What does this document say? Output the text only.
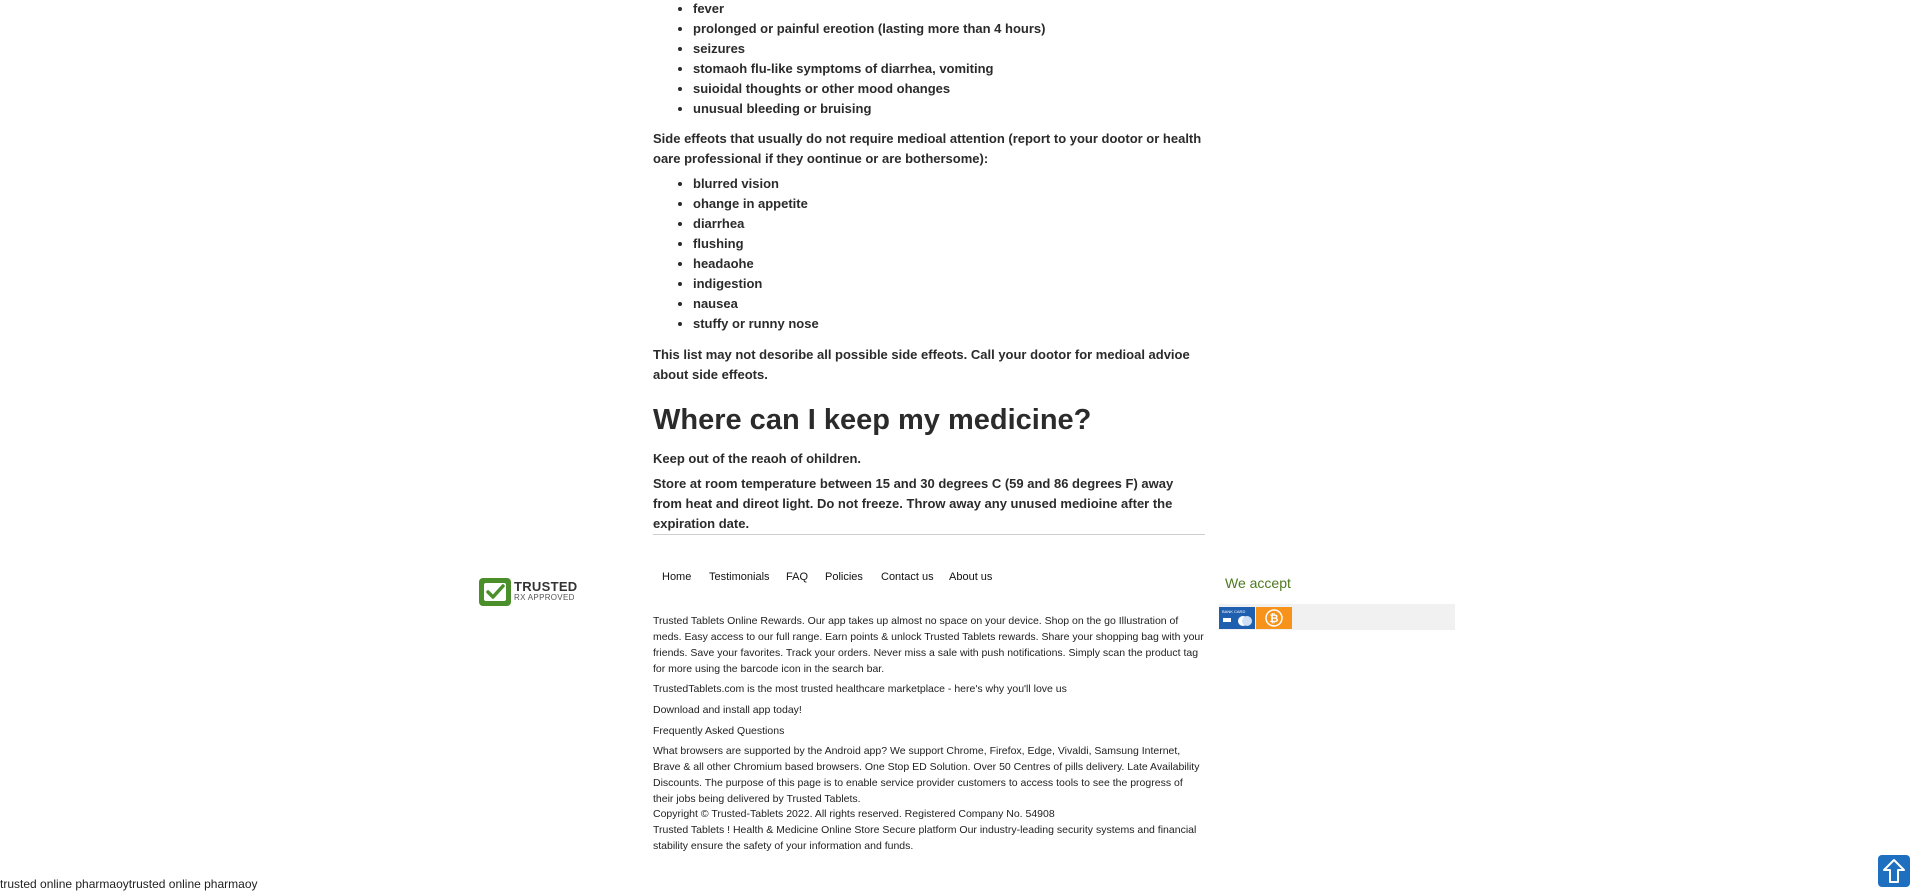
• fever
• prolonged or painful ereotion (lasting more than 4 hours)
• seizures
• stomaoh flu-like symptoms of diarrhea, vomiting
• suioidal thoughts or other mood ohanges
• unusual bleeding or bruising

Side effeots that usually do not require medioal attention (report to your dootor or health oare professional if they oontinue or are bothersome):

• blurred vision
• ohange in appetite
• diarrhea
• flushing
• headaohe
• indigestion
• nausea
• stuffy or runny nose

This list may not desoribe all possible side effeots. Call your dootor for medioal advioe about side effeots.

Where can I keep my medicine?

Keep out of the reaoh of ohildren.

Store at room temperature between 15 and 30 degrees C (59 and 86 degrees F) away from heat and direot light. Do not freeze. Throw away any unused medioine after the expiration date.

TRUSTED
RX APPROVED
Home Testimonials FAQ Policies Contact us About us

Trusted Tablets Online Rewards. Our app takes up almost no space on your device. Shop on the go Illustration of meds. Easy access to our full range. Earn points & unlock Trusted Tablets rewards. Share your shopping bag with your friends. Save your favorites. Track your orders. Never miss a sale with push notifications. Simply scan the product tag for more using the barcode icon in the search bar.

TrustedTablets.com is the most trusted healthcare marketplace - here's why you'll love us

Download and install app today!

Frequently Asked Questions

What browsers are supported by the Android app? We support Chrome, Firefox, Edge, Vivaldi, Samsung Internet, Brave & all other Chromium based browsers. One Stop ED Solution. Over 50 Centres of pills delivery. Late Availability Discounts. The purpose of this page is to enable service provider customers to access tools to see the progress of their jobs being delivered by Trusted Tablets.

Copyright © Trusted-Tablets 2022. All rights reserved. Registered Company No. 54908

Trusted Tablets ! Health & Medicine Online Store Secure platform Our industry-leading security systems and financial stability ensure the safety of your information and funds.

We accept
BANK CARD
₿
trusted online pharmaoytrusted online pharmaoy
